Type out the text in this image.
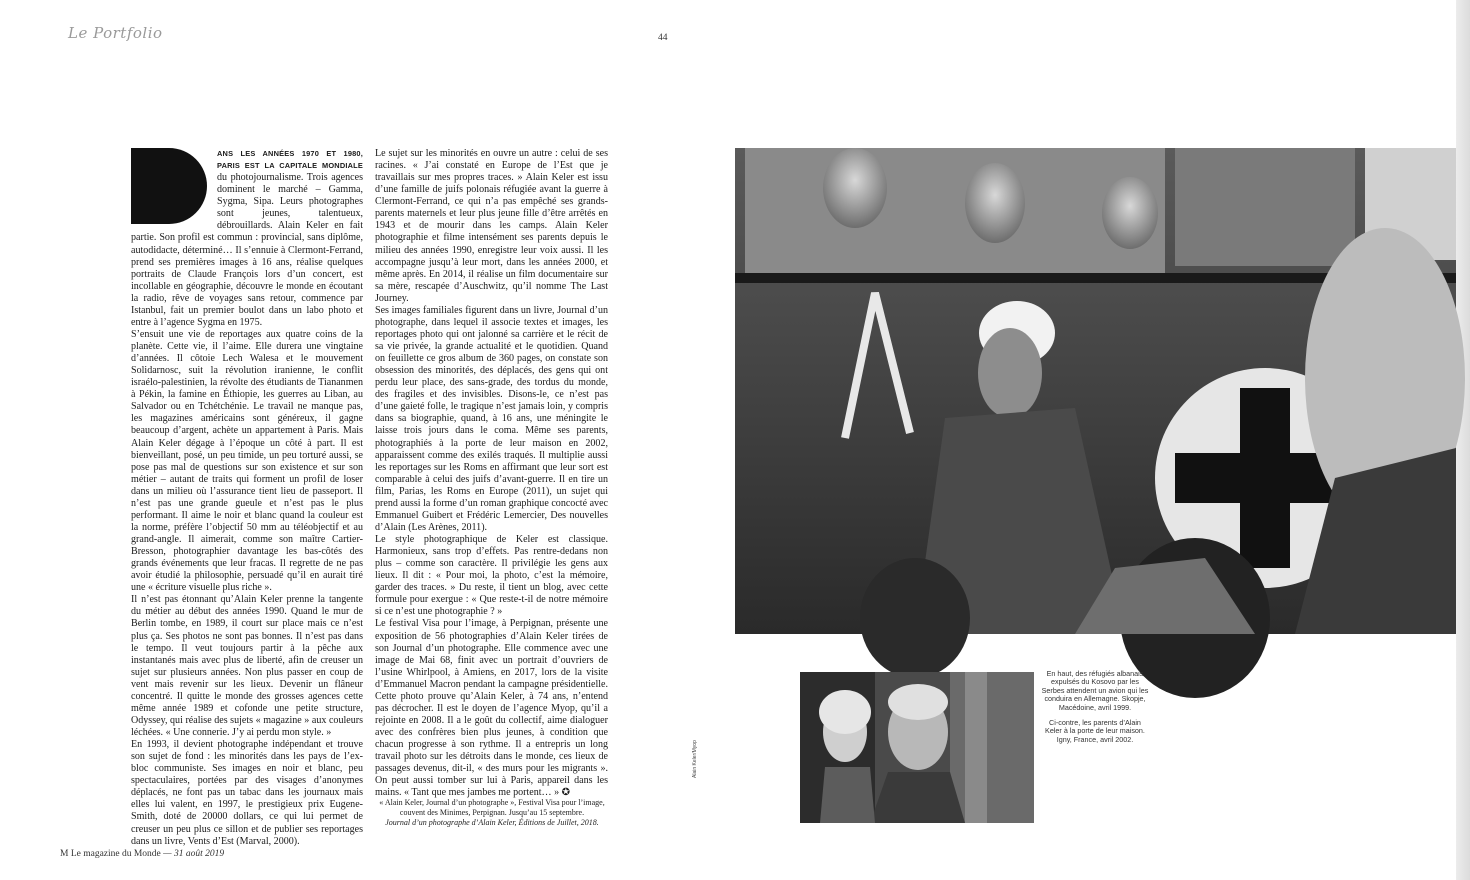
Le Portfolio	44

ANS LES ANNÉES 1970 ET 1980, PARIS EST LA CAPITALE MONDIALE du photojournalisme. Trois agences dominent le marché – Gamma, Sygma, Sipa. Leurs photographes sont jeunes, talentueux, débrouillards. Alain Keler en fait partie. Son profil est commun : provincial, sans diplôme, autodidacte, déterminé… Il s’ennuie à Clermont-Ferrand, prend ses premières images à 16 ans, réalise quelques portraits de Claude François lors d’un concert, est incollable en géographie, découvre le monde en écoutant la radio, rêve de voyages sans retour, commence par Istanbul, fait un premier boulot dans un labo photo et entre à l’agence Sygma en 1975.

S’ensuit une vie de reportages aux quatre coins de la planète. Cette vie, il l’aime. Elle durera une vingtaine d’années. Il côtoie Lech Walesa et le mouvement Solidarnosc, suit la révolution iranienne, le conflit israélo-palestinien, la révolte des étudiants de Tiananmen à Pékin, la famine en Éthiopie, les guerres au Liban, au Salvador ou en Tchétchénie. Le travail ne manque pas, les magazines américains sont généreux, il gagne beaucoup d’argent, achète un appartement à Paris. Mais Alain Keler dégage à l’époque un côté à part. Il est bienveillant, posé, un peu timide, un peu torturé aussi, se pose pas mal de questions sur son existence et sur son métier – autant de traits qui forment un profil de loser dans un milieu où l’assurance tient lieu de passeport. Il n’est pas une grande gueule et n’est pas le plus performant. Il aime le noir et blanc quand la couleur est la norme, préfère l’objectif 50 mm au téléobjectif et au grand-angle. Il aimerait, comme son maître Cartier-Bresson, photographier davantage les bas-côtés des grands événements que leur fracas. Il regrette de ne pas avoir étudié la philosophie, persuadé qu’il en aurait tiré une « écriture visuelle plus riche ».

Il n’est pas étonnant qu’Alain Keler prenne la tangente du métier au début des années 1990. Quand le mur de Berlin tombe, en 1989, il court sur place mais ce n’est plus ça. Ses photos ne sont pas bonnes. Il n’est pas dans le tempo. Il veut toujours partir à la pêche aux instantanés mais avec plus de liberté, afin de creuser un sujet sur plusieurs années. Non plus passer en coup de vent mais revenir sur les lieux. Devenir un flâneur concentré. Il quitte le monde des grosses agences cette même année 1989 et cofonde une petite structure, Odyssey, qui réalise des sujets « magazine » aux couleurs léchées. « Une connerie. J’y ai perdu mon style. »

En 1993, il devient photographe indépendant et trouve son sujet de fond : les minorités dans les pays de l’ex-bloc communiste. Ses images en noir et blanc, peu spectaculaires, portées par des visages d’anonymes déplacés, ne font pas un tabac dans les journaux mais elles lui valent, en 1997, le prestigieux prix Eugene-Smith, doté de 20000 dollars, ce qui lui permet de creuser un peu plus ce sillon et de publier ses reportages dans un livre, Vents d’Est (Marval, 2000).

Le sujet sur les minorités en ouvre un autre : celui de ses racines. « J’ai constaté en Europe de l’Est que je travaillais sur mes propres traces. » Alain Keler est issu d’une famille de juifs polonais réfugiée avant la guerre à Clermont-Ferrand, ce qui n’a pas empêché ses grands-parents maternels et leur plus jeune fille d’être arrêtés en 1943 et de mourir dans les camps. Alain Keler photographie et filme intensément ses parents depuis le milieu des années 1990, enregistre leur voix aussi. Il les accompagne jusqu’à leur mort, dans les années 2000, et même après. En 2014, il réalise un film documentaire sur sa mère, rescapée d’Auschwitz, qu’il nomme The Last Journey.

Ses images familiales figurent dans un livre, Journal d’un photographe, dans lequel il associe textes et images, les reportages photo qui ont jalonné sa carrière et le récit de sa vie privée, la grande actualité et le quotidien. Quand on feuillette ce gros album de 360 pages, on constate son obsession des minorités, des déplacés, des gens qui ont perdu leur place, des sans-grade, des tordus du monde, des fragiles et des invisibles. Disons-le, ce n’est pas d’une gaieté folle, le tragique n’est jamais loin, y compris dans sa biographie, quand, à 16 ans, une méningite le laisse trois jours dans le coma. Même ses parents, photographiés à la porte de leur maison en 2002, apparaissent comme des exilés traqués. Il multiplie aussi les reportages sur les Roms en affirmant que leur sort est comparable à celui des juifs d’avant-guerre. Il en tire un film, Parias, les Roms en Europe (2011), un sujet qui prend aussi la forme d’un roman graphique concocté avec Emmanuel Guibert et Frédéric Lemercier, Des nouvelles d’Alain (Les Arènes, 2011).

Le style photographique de Keler est classique. Harmonieux, sans trop d’effets. Pas rentre-dedans non plus – comme son caractère. Il privilégie les gens aux lieux. Il dit : « Pour moi, la photo, c’est la mémoire, garder des traces. » Du reste, il tient un blog, avec cette formule pour exergue : « Que reste-t-il de notre mémoire si ce n’est une photographie ? »

Le festival Visa pour l’image, à Perpignan, présente une exposition de 56 photographies d’Alain Keler tirées de son Journal d’un photographe. Elle commence avec une image de Mai 68, finit avec un portrait d’ouvriers de l’usine Whirlpool, à Amiens, en 2017, lors de la visite d’Emmanuel Macron pendant la campagne présidentielle. Cette photo prouve qu’Alain Keler, à 74 ans, n’entend pas décrocher. Il est le doyen de l’agence Myop, qu’il a rejointe en 2008. Il a le goût du collectif, aime dialoguer avec des confrères bien plus jeunes, à condition que chacun progresse à son rythme. Il a entrepris un long travail photo sur les détroits dans le monde, ces lieux de passages devenus, dit-il, « des murs pour les migrants ». On peut aussi tomber sur lui à Paris, appareil dans les mains. « Tant que mes jambes me portent… » ✪

« Alain Keler, Journal d’un photographe », Festival Visa pour l’image,
couvent des Minimes, Perpignan. Jusqu’au 15 septembre.
Journal d’un photographe d’Alain Keler, Éditions de Juillet, 2018.
Alain Keler/Myop

En haut, des réfugiés albanais expulsés du Kosovo par les Serbes attendent un avion qui les conduira en Allemagne. Skopje, Macédoine, avril 1999.

Ci-contre, les parents d’Alain Keler à la porte de leur maison. Igny, France, avril 2002.

M Le magazine du Monde — 31 août 2019
